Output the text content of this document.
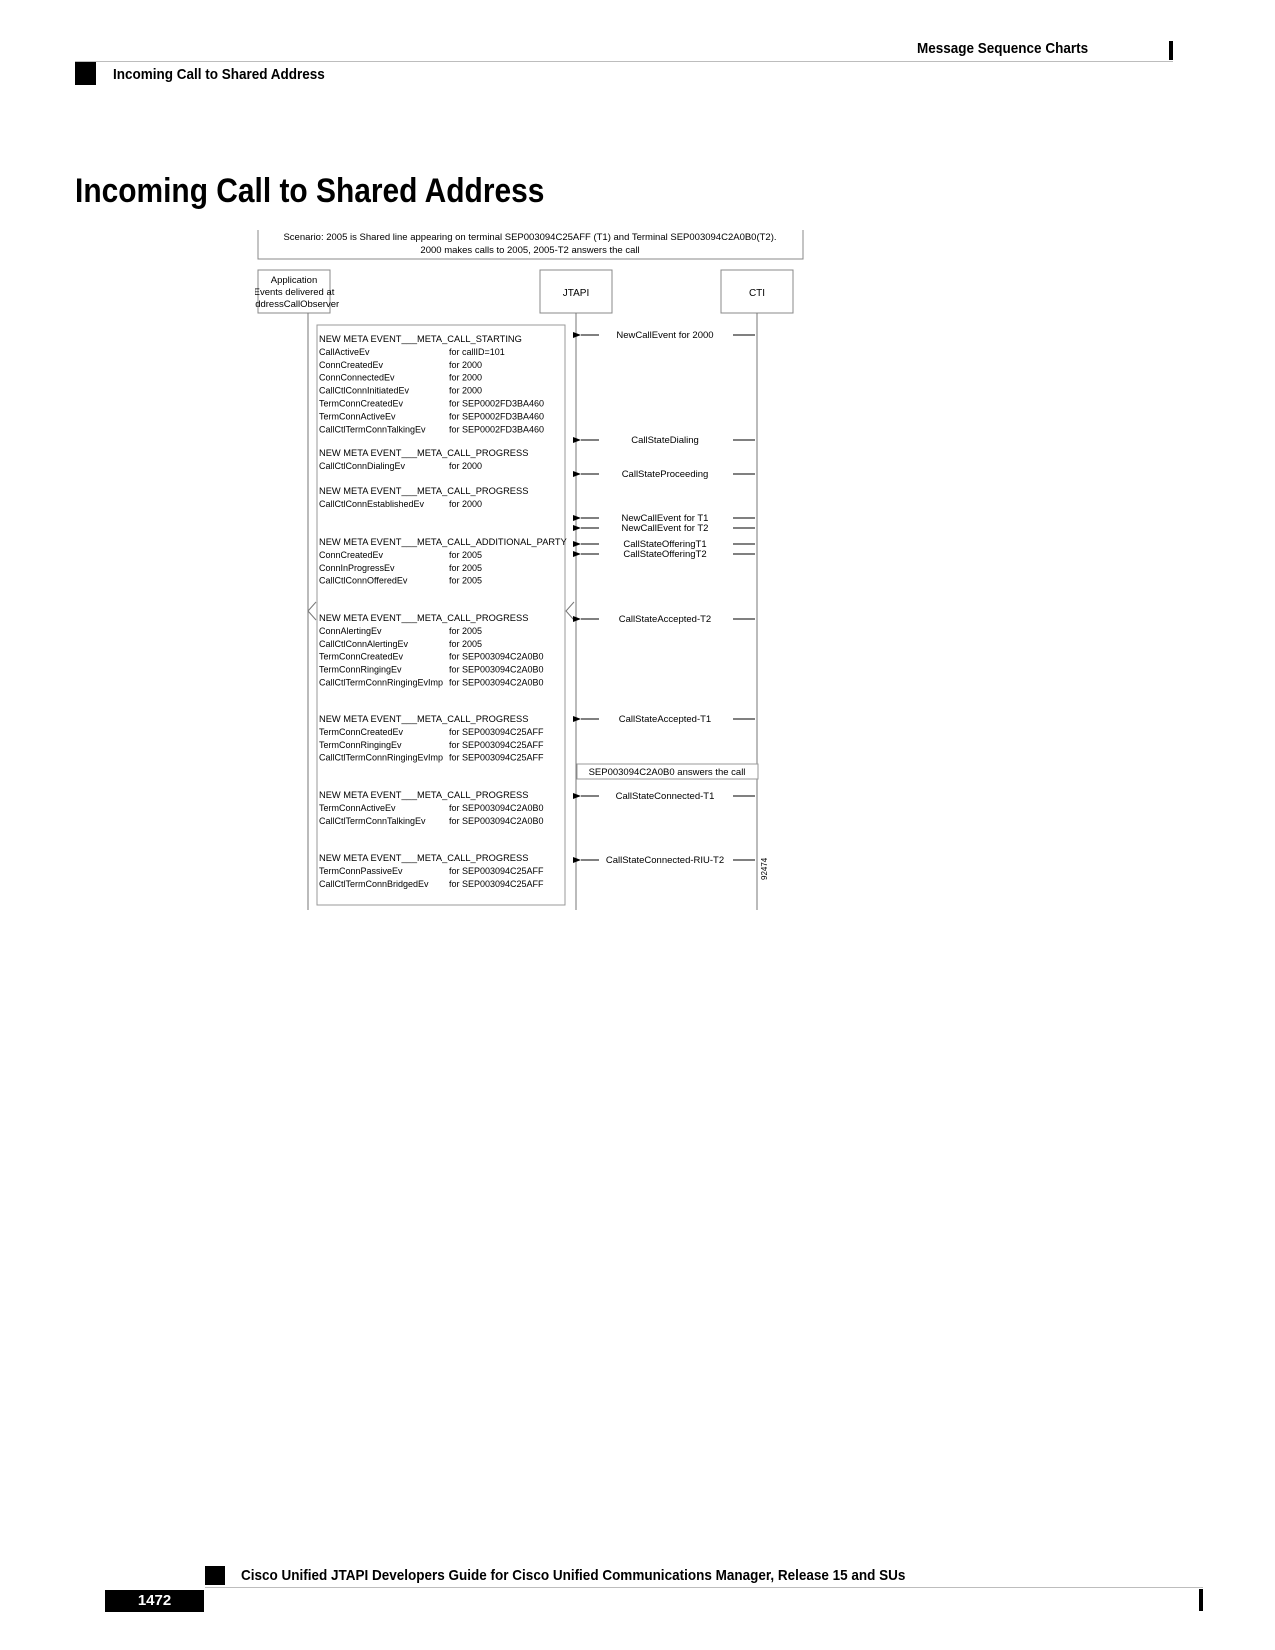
Message Sequence Charts
Incoming Call to Shared Address
Incoming Call to Shared Address
Scenario: 2005 is Shared line appearing on terminal SEP003094C25AFF (T1) and Terminal SEP003094C2A0B0(T2).
2000 makes calls to 2005, 2005-T2 answers the call
Application
Events delivered at
AddressCallObserver
JTAPI	CTI
SEP003094C2A0B0 answers the call
92474
NEW META EVENT___META_CALL_STARTING
CallActiveEv	for callID=101
ConnCreatedEv	for 2000
ConnConnectedEv	for 2000
CallCtlConnInitiatedEv	for 2000
TermConnCreatedEv	for SEP0002FD3BA460
TermConnActiveEv	for SEP0002FD3BA460
CallCtlTermConnTalkingEv	for SEP0002FD3BA460
NEW META EVENT___META_CALL_PROGRESS
CallCtlConnDialingEv	for 2000
NEW META EVENT___META_CALL_PROGRESS
CallCtlConnEstablishedEv	for 2000
NEW META EVENT___META_CALL_ADDITIONAL_PARTY
ConnCreatedEv	for 2005
ConnInProgressEv	for 2005
CallCtlConnOfferedEv	for 2005
NEW META EVENT___META_CALL_PROGRESS
ConnAlertingEv	for 2005
CallCtlConnAlertingEv	for 2005
TermConnCreatedEv	for SEP003094C2A0B0
TermConnRingingEv	for SEP003094C2A0B0
CallCtlTermConnRingingEvImp for SEP003094C2A0B0
NEW META EVENT___META_CALL_PROGRESS
TermConnCreatedEv	for SEP003094C25AFF
TermConnRingingEv	for SEP003094C25AFF
CallCtlTermConnRingingEvImp for SEP003094C25AFF
NEW META EVENT___META_CALL_PROGRESS
TermConnActiveEv	for SEP003094C2A0B0
CallCtlTermConnTalkingEv	for SEP003094C2A0B0
NEW META EVENT___META_CALL_PROGRESS
TermConnPassiveEv	for SEP003094C25AFF
CallCtlTermConnBridgedEv for SEP003094C25AFF
NewCallEvent for 2000
CallStateDialing
CallStateProceeding
NewCallEvent for T1
NewCallEvent for T2
CallStateOfferingT1
CallStateOfferingT2
CallStateAccepted-T2
CallStateAccepted-T1
CallStateConnected-T1
CallStateConnected-RIU-T2
Cisco Unified JTAPI Developers Guide for Cisco Unified Communications Manager, Release 15 and SUs
1472
